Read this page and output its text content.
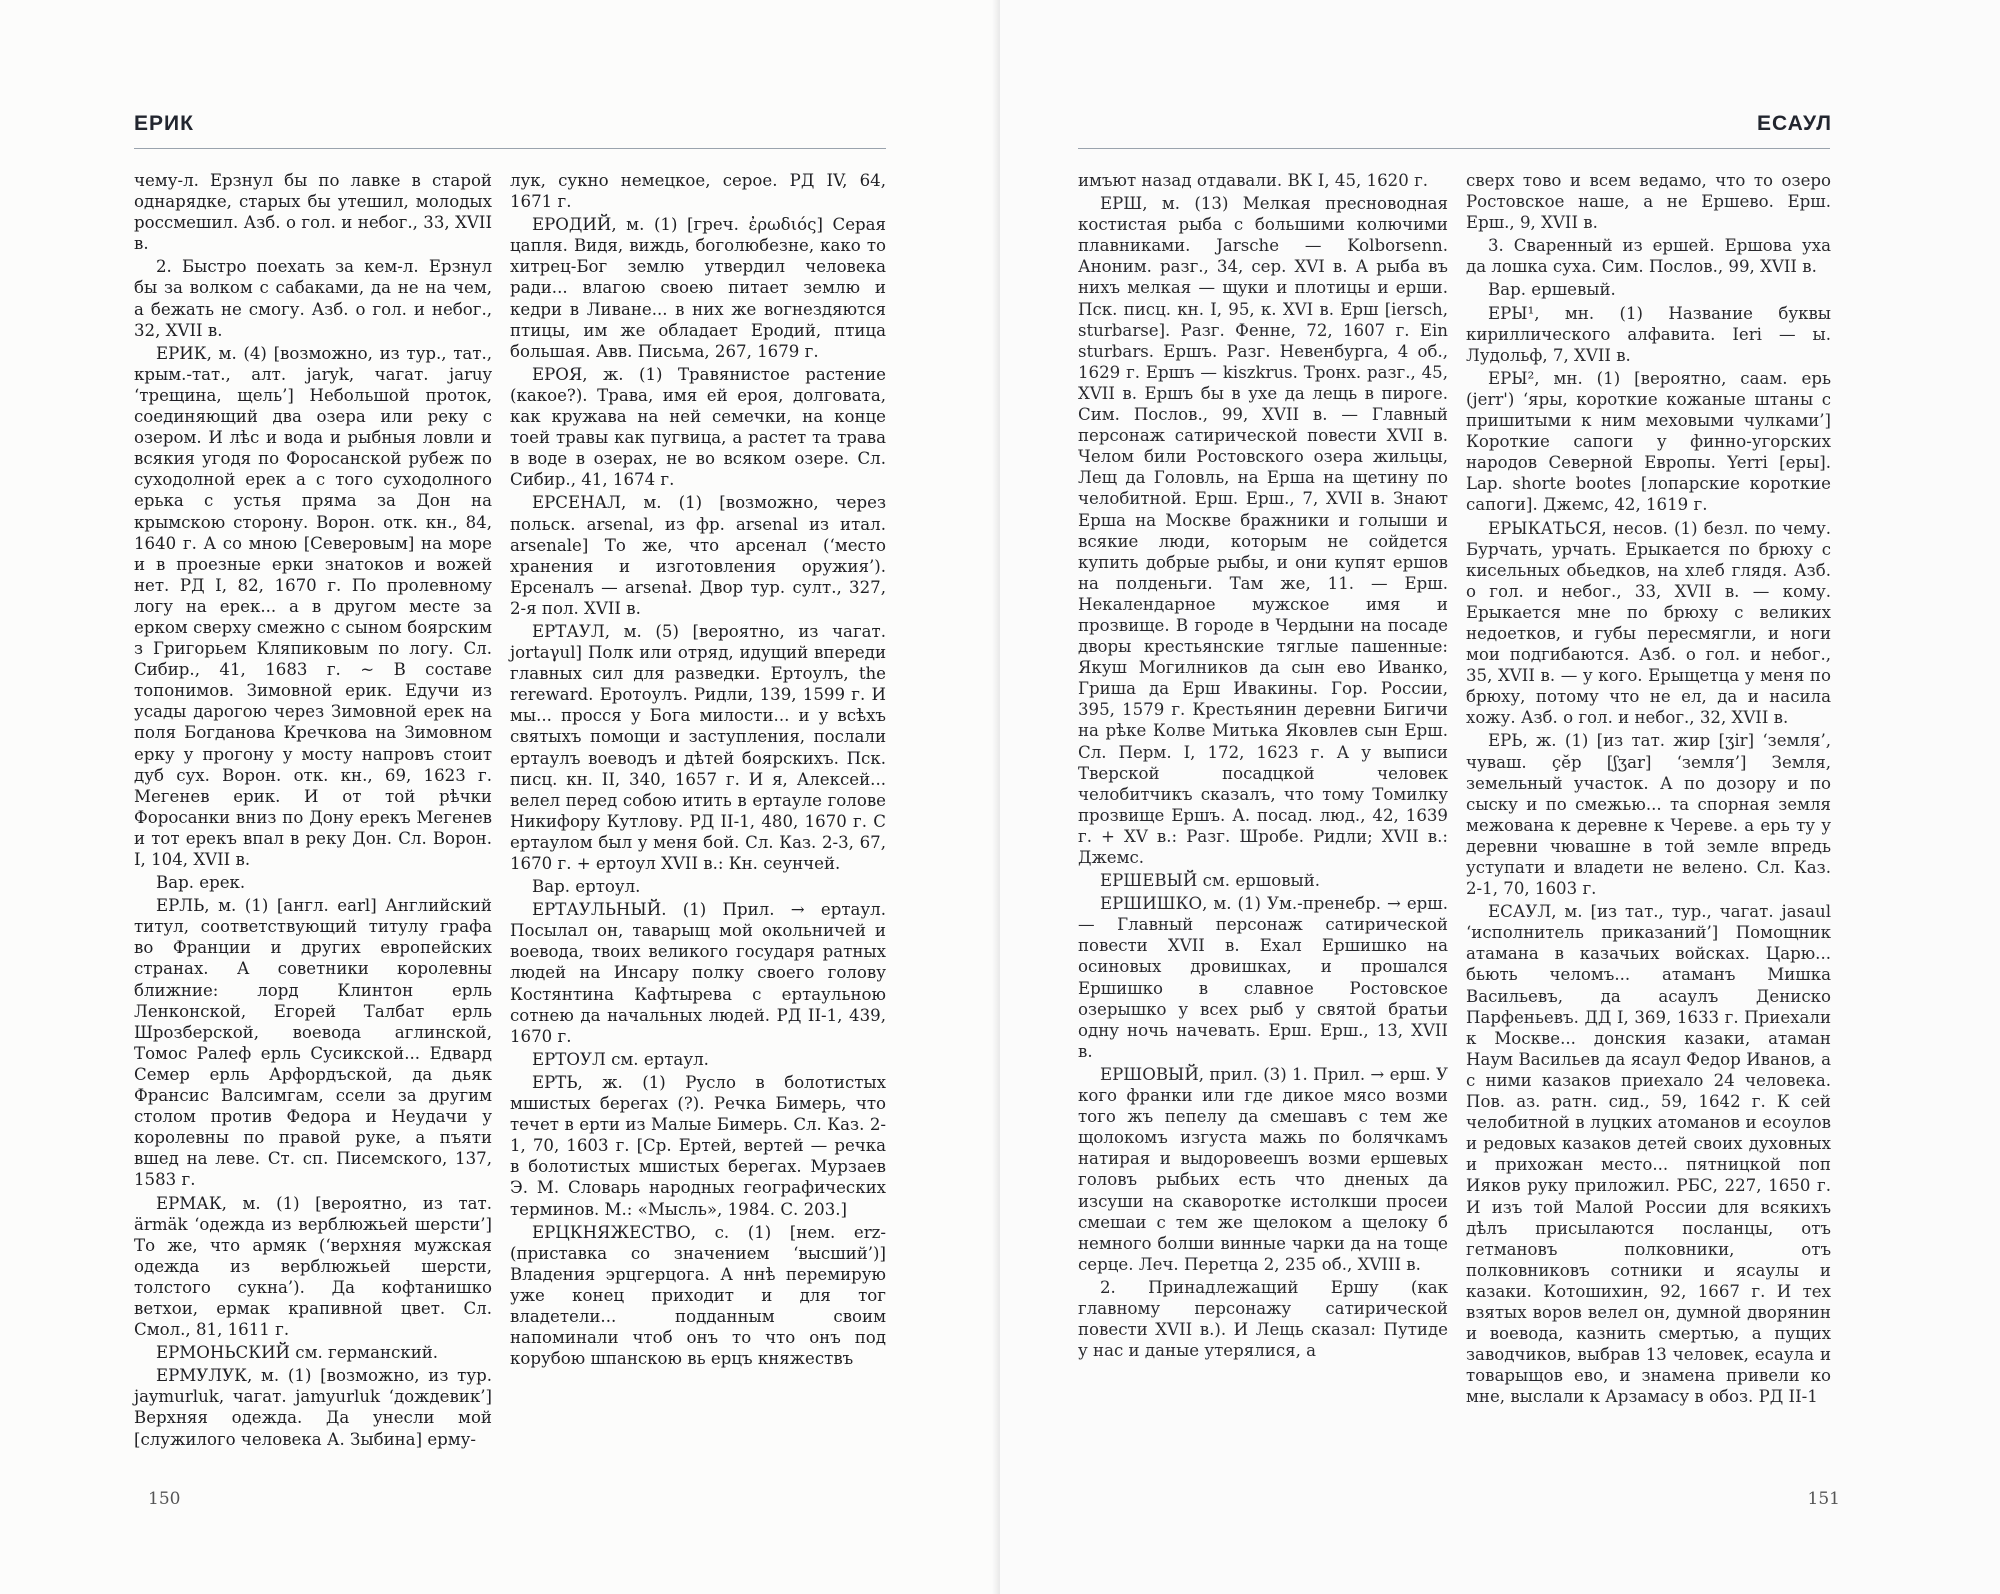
ЕРИК

чему-л. Ерзнул бы по лавке в старой однарядке, старых бы утешил, молодых россмешил. Азб. о гол. и небог., 33, XVII в.

2. Быстро поехать за кем-л. Ерзнул бы за волком с сабаками, да не на чем, а бежать не смогу. Азб. о гол. и небог., 32, XVII в.

ЕРИК, м. (4) [возможно, из тур., тат., крым.-тат., алт. jaryk, чагат. jaruy ‘трещина, щель’] Небольшой проток, соединяющий два озера или реку с озером. И лѣс и вода и рыбныя ловли и всякия угодя по Форосанской рубеж по суходолной ерек а с того суходолного ерька с устья пряма за Дон на крымскою сторону. Ворон. отк. кн., 84, 1640 г. А со мною [Северовым] на море и в проезные ерки знатоков и вожей нет. РД I, 82, 1670 г. По пролевному логу на ерек... а в другом месте за ерком сверху смежно с сыном боярским з Григорьем Кляпиковым по логу. Сл. Сибир., 41, 1683 г. ~ В составе топонимов. Зимовной ерик. Едучи из усады дарогою через Зимовной ерек на поля Богданова Кречкова на Зимовном ерку у прогону у мосту напровъ стоит дуб сух. Ворон. отк. кн., 69, 1623 г. Мегенев ерик. И от той рѣчки Форосанки вниз по Дону ерекъ Мегенев и тот ерекъ впал в реку Дон. Сл. Ворон. I, 104, XVII в.

Вар. ерек.

ЕРЛЬ, м. (1) [англ. earl] Английский титул, соответствующий титулу графа во Франции и других европейских странах. А советники королевны ближние: лорд Клинтон ерль Ленконской, Егорей Талбат ерль Шрозберской, воевода аглинской, Томос Ралеф ерль Сусикской... Едвард Семер ерль Арфордъской, да дьяк Франсис Валсимгам, ссели за другим столом против Федора и Неудачи у королевны по правой руке, а пъяти вшед на леве. Ст. сп. Писемского, 137, 1583 г.

ЕРМАК, м. (1) [вероятно, из тат. ärmäk ‘одежда из верблюжьей шерсти’] То же, что армяк (‘верхняя мужская одежда из верблюжьей шерсти, толстого сукна’). Да кофтанишко ветхои, ермак крапивной цвет. Сл. Смол., 81, 1611 г.

ЕРМОНЬСКИЙ см. германский.

ЕРМУЛУК, м. (1) [возможно, из тур. jaymurluk, чагат. jamyurluk ‘дождевик’] Верхняя одежда. Да унесли мой [служилого человека А. Зыбина] ерму-

лук, сукно немецкое, серое. РД IV, 64, 1671 г.

ЕРОДИЙ, м. (1) [греч. ἐρωδιός] Серая цапля. Видя, виждь, боголюбезне, како то хитрец-Бог землю утвердил человека ради... влагою своею питает землю и кедри в Ливане... в них же вогнездяются птицы, им же обладает Еродий, птица большая. Авв. Письма, 267, 1679 г.

ЕРОЯ, ж. (1) Травянистое растение (какое?). Трава, имя ей ероя, долговата, как кружава на ней семечки, на конце тоей травы как пугвица, а растет та трава в воде в озерах, не во всяком озере. Сл. Сибир., 41, 1674 г.

ЕРСЕНАЛ, м. (1) [возможно, через польск. arsenal, из фр. arsenal из итал. arsenale] То же, что арсенал (‘место хранения и изготовления оружия’). Ерсеналъ — arsenał. Двор тур. султ., 327, 2-я пол. XVII в.

ЕРТАУЛ, м. (5) [вероятно, из чагат. jortaγul] Полк или отряд, идущий впереди главных сил для разведки. Ертоулъ, the rereward. Еротоулъ. Ридли, 139, 1599 г. И мы... просся у Бога милости... и у всѣхъ святыхъ помощи и заступления, послали ертаулъ воеводъ и дѣтей боярскихъ. Пск. писц. кн. II, 340, 1657 г. И я, Алексей... велел перед собою итить в ертауле голове Никифору Кутлову. РД II-1, 480, 1670 г. С ертаулом был у меня бой. Сл. Каз. 2-3, 67, 1670 г. + ертоул XVII в.: Кн. сеунчей.

Вар. ертоул.

ЕРТАУЛЬНЫЙ. (1) Прил. → ертаул. Посылал он, таварыщ мой окольничей и воевода, твоих великого государя ратных людей на Инсару полку своего голову Костянтина Кафтырева с ертаульною сотнею да начальных людей. РД II-1, 439, 1670 г.

ЕРТОУЛ см. ертаул.

ЕРТЬ, ж. (1) Русло в болотистых мшистых берегах (?). Речка Бимерь, что течет в ерти из Малые Бимерь. Сл. Каз. 2-1, 70, 1603 г. [Ср. Ертей, вертей — речка в болотистых мшистых берегах. Мурзаев Э. М. Словарь народных географических терминов. М.: «Мысль», 1984. С. 203.]

ЕРЦКНЯЖЕСТВО, с. (1) [нем. erz- (приставка со значением ‘высший’)] Владения эрцгерцога. А ннѣ перемирую уже конец приходит и для тог владетели... подданным своим напоминали чтоб онъ то что онъ под корубою шпанскою вь ерцъ княжествъ

150
ЕСАУЛ

имъют назад отдавали. ВК I, 45, 1620 г.

ЕРШ, м. (13) Мелкая пресноводная костистая рыба с большими колючими плавниками. Jarsche — Kolborsenn. Аноним. разг., 34, сер. XVI в. А рыба въ нихъ мелкая — щуки и плотицы и ерши. Пск. писц. кн. I, 95, к. XVI в. Ерш [iersch, sturbarse]. Разг. Фенне, 72, 1607 г. Ein sturbars. Ершъ. Разг. Невенбурга, 4 об., 1629 г. Ершъ — kiszkrus. Тронх. разг., 45, XVII в. Ершъ бы в ухе да лещь в пироге. Сим. Послов., 99, XVII в. — Главный персонаж сатирической повести XVII в. Челом били Ростовского озера жильцы, Лещ да Головль, на Ерша на щетину по челобитной. Ерш. Ерш., 7, XVII в. Знают Ерша на Москве бражники и голыши и всякие люди, которым не сойдется купить добрые рыбы, и они купят ершов на полденьги. Там же, 11. — Ерш. Некалендарное мужское имя и прозвище. В городе в Чердыни на посаде дворы крестьянские тяглые пашенные: Якуш Могилников да сын ево Иванко, Гриша да Ерш Ивакины. Гор. России, 395, 1579 г. Крестьянин деревни Бигичи на рѣке Колве Митька Яковлев сын Ерш. Сл. Перм. I, 172, 1623 г. А у выписи Тверской посадцкой человек челобитчикъ сказалъ, что тому Томилку прозвище Ершъ. А. посад. люд., 42, 1639 г. + XV в.: Разг. Шробе. Ридли; XVII в.: Джемс.

ЕРШЕВЫЙ см. ершовый.

ЕРШИШКО, м. (1) Ум.-пренебр. → ерш. — Главный персонаж сатирической повести XVII в. Ехал Ершишко на осиновых дровишках, и прошался Ершишко в славное Ростовское озерышко у всех рыб у святой братьи одну ночь начевать. Ерш. Ерш., 13, XVII в.

ЕРШОВЫЙ, прил. (3) 1. Прил. → ерш. У кого франки или где дикое мясо возми того жъ пепелу да смешавъ с тем же щолокомъ изгуста мажь по болячкамъ натирая и выдоровеешъ возми ершевых головъ рыбьих есть что дненых да изсуши на скаворотке истолкши просеи смешаи с тем же щелоком а щелоку б немного болши винные чарки да на тоще серце. Леч. Перетца 2, 235 об., XVIII в.

2. Принадлежащий Ершу (как главному персонажу сатирической повести XVII в.). И Лещь сказал: Путиде у нас и даные утерялися, а

сверх тово и всем ведамо, что то озеро Ростовское наше, а не Ершево. Ерш. Ерш., 9, XVII в.

3. Сваренный из ершей. Ершова уха да лошка суха. Сим. Послов., 99, XVII в.

Вар. ершевый.

ЕРЫ¹, мн. (1) Название буквы кириллического алфавита. Ieri — ы. Лудольф, 7, XVII в.

ЕРЫ², мн. (1) [вероятно, саам. ерь (jerr') ‘яры, короткие кожаные штаны с пришитыми к ним меховыми чулками’] Короткие сапоги у финно-угорских народов Северной Европы. Yerri [еры]. Lap. shorte bootes [лопарские короткие сапоги]. Джемс, 42, 1619 г.

ЕРЫКАТЬСЯ, несов. (1) безл. по чему. Бурчать, урчать. Ерыкается по брюху с кисельных обьедков, на хлеб глядя. Азб. о гол. и небог., 33, XVII в. — кому. Ерыкается мне по брюху с великих недоетков, и губы пересмягли, и ноги мои подгибаются. Азб. о гол. и небог., 35, XVII в. — у кого. Ерыщетца у меня по брюху, потому что не ел, да и насила хожу. Азб. о гол. и небог., 32, XVII в.

ЕРЬ, ж. (1) [из тат. жир [ʒir] ‘земля’, чуваш. çĕр [ʃʒar] ‘земля’] Земля, земельный участок. А по дозору и по сыску и по смежью... та спорная земля межована к деревне к Череве. а ерь ту у деревни чювашне в той земле впредь уступати и владети не велено. Сл. Каз. 2-1, 70, 1603 г.

ЕСАУЛ, м. [из тат., тур., чагат. jasaul ‘исполнитель приказаний’] Помощник атамана в казачьих войсках. Царю... бьють челомъ... атаманъ Мишка Васильевъ, да асаулъ Дениско Парфеньевъ. ДД I, 369, 1633 г. Приехали к Москве... донския казаки, атаман Наум Васильев да ясаул Федор Иванов, а с ними казаков приехало 24 человека. Пов. аз. ратн. сид., 59, 1642 г. К сей челобитной в луцких атоманов и есоулов и редовых казаков детей своих духовных и прихожан место... пятницкой поп Ияков руку приложил. РБС, 227, 1650 г. И изъ той Малой России для всякихъ дѣлъ присылаются посланцы, отъ гетмановъ полковники, отъ полковниковъ сотники и ясаулы и казаки. Котошихин, 92, 1667 г. И тех взятых воров велел он, думной дворянин и воевода, казнить смертью, а пущих заводчиков, выбрав 13 человек, есаула и товарыщов ево, и знамена привели ко мне, выслали к Арзамасу в обоз. РД II-1

151
